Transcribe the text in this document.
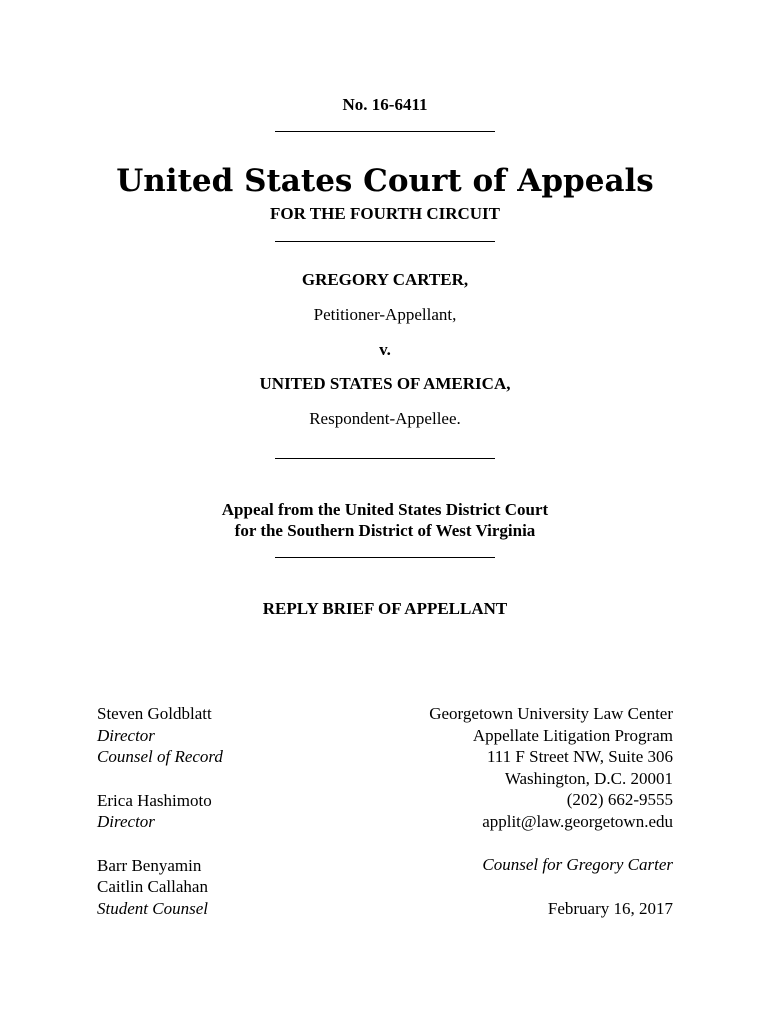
No. 16-6411
United States Court of Appeals
FOR THE FOURTH CIRCUIT
GREGORY CARTER,
Petitioner-Appellant,
v.
UNITED STATES OF AMERICA,
Respondent-Appellee.
Appeal from the United States District Court
for the Southern District of West Virginia
REPLY BRIEF OF APPELLANT
Steven Goldblatt
Director
Counsel of Record
Erica Hashimoto
Director
Barr Benyamin
Caitlin Callahan
Student Counsel
Georgetown University Law Center
Appellate Litigation Program
111 F Street NW, Suite 306
Washington, D.C. 20001
(202) 662-9555
applit@law.georgetown.edu
Counsel for Gregory Carter
February 16, 2017
